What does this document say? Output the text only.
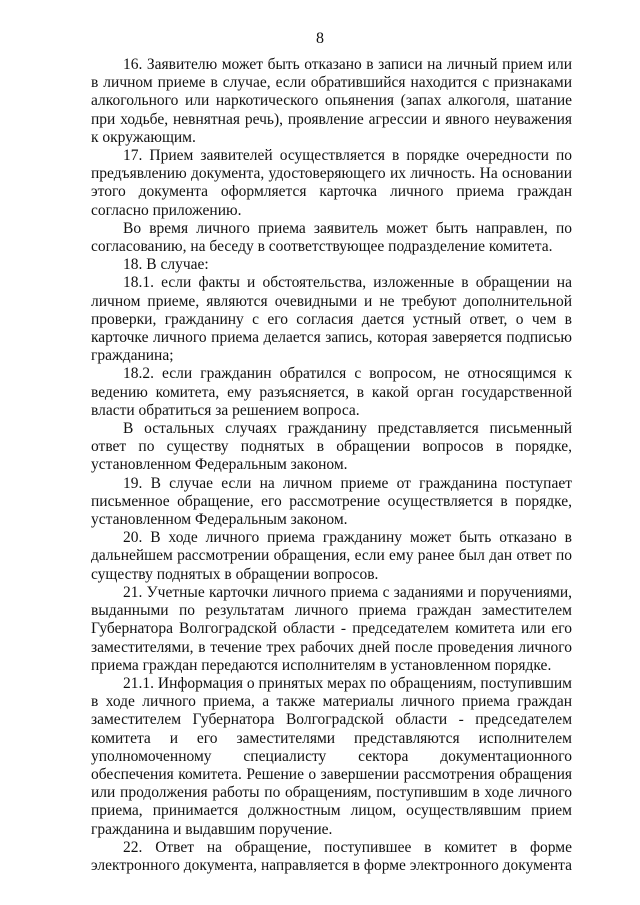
8

16. Заявителю может быть отказано в записи на личный прием или в личном приеме в случае, если обратившийся находится с признаками алкогольного или наркотического опьянения (запах алкоголя, шатание при ходьбе, невнятная речь), проявление агрессии и явного неуважения к окружающим.

17. Прием заявителей осуществляется в порядке очередности по предъявлению документа, удостоверяющего их личность. На основании этого документа оформляется карточка личного приема граждан согласно приложению.

Во время личного приема заявитель может быть направлен, по согласованию, на беседу в соответствующее подразделение комитета.

18. В случае:

18.1. если факты и обстоятельства, изложенные в обращении на личном приеме, являются очевидными и не требуют дополнительной проверки, гражданину с его согласия дается устный ответ, о чем в карточке личного приема делается запись, которая заверяется подписью гражданина;

18.2. если гражданин обратился с вопросом, не относящимся к ведению комитета, ему разъясняется, в какой орган государственной власти обратиться за решением вопроса.

В остальных случаях гражданину представляется письменный ответ по существу поднятых в обращении вопросов в порядке, установленном Федеральным законом.

19. В случае если на личном приеме от гражданина поступает письменное обращение, его рассмотрение осуществляется в порядке, установленном Федеральным законом.

20. В ходе личного приема гражданину может быть отказано в дальнейшем рассмотрении обращения, если ему ранее был дан ответ по существу поднятых в обращении вопросов.

21. Учетные карточки личного приема с заданиями и поручениями, выданными по результатам личного приема граждан заместителем Губернатора Волгоградской области - председателем комитета или его заместителями, в течение трех рабочих дней после проведения личного приема граждан передаются исполнителям в установленном порядке.

21.1. Информация о принятых мерах по обращениям, поступившим в ходе личного приема, а также материалы личного приема граждан заместителем Губернатора Волгоградской области - председателем комитета и его заместителями представляются исполнителем уполномоченному специалисту сектора документационного обеспечения комитета. Решение о завершении рассмотрения обращения или продолжения работы по обращениям, поступившим в ходе личного приема, принимается должностным лицом, осуществлявшим прием гражданина и выдавшим поручение.

22. Ответ на обращение, поступившее в комитет в форме электронного документа, направляется в форме электронного документа
